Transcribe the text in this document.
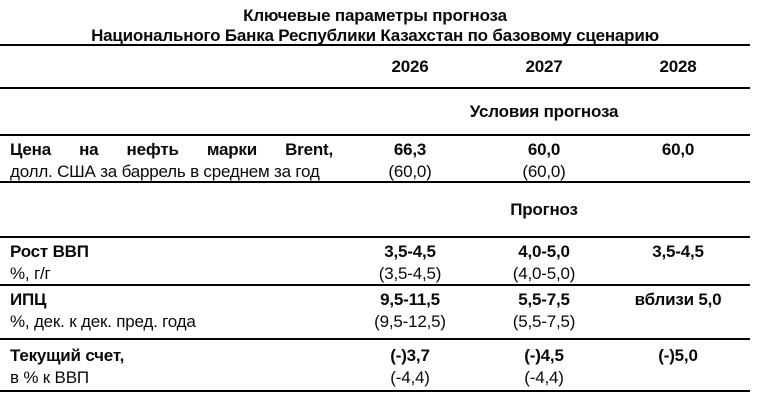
Ключевые параметры прогноза
Национального Банка Республики Казахстан по базовому сценарию
2026	2027	2028
Условия прогноза
Цена на нефть марки Brent,
долл. США за баррель в среднем за год
66,3
(60,0)
60,0
(60,0)
60,0
Прогноз
Рост ВВП
%, г/г
3,5-4,5
(3,5-4,5)
4,0-5,0
(4,0-5,0)
3,5-4,5
ИПЦ
%, дек. к дек. пред. года
9,5-11,5
(9,5-12,5)
5,5-7,5
(5,5-7,5)
вблизи 5,0
Текущий счет,
в % к ВВП
(-)3,7
(-4,4)
(-)4,5
(-4,4)
(-)5,0
